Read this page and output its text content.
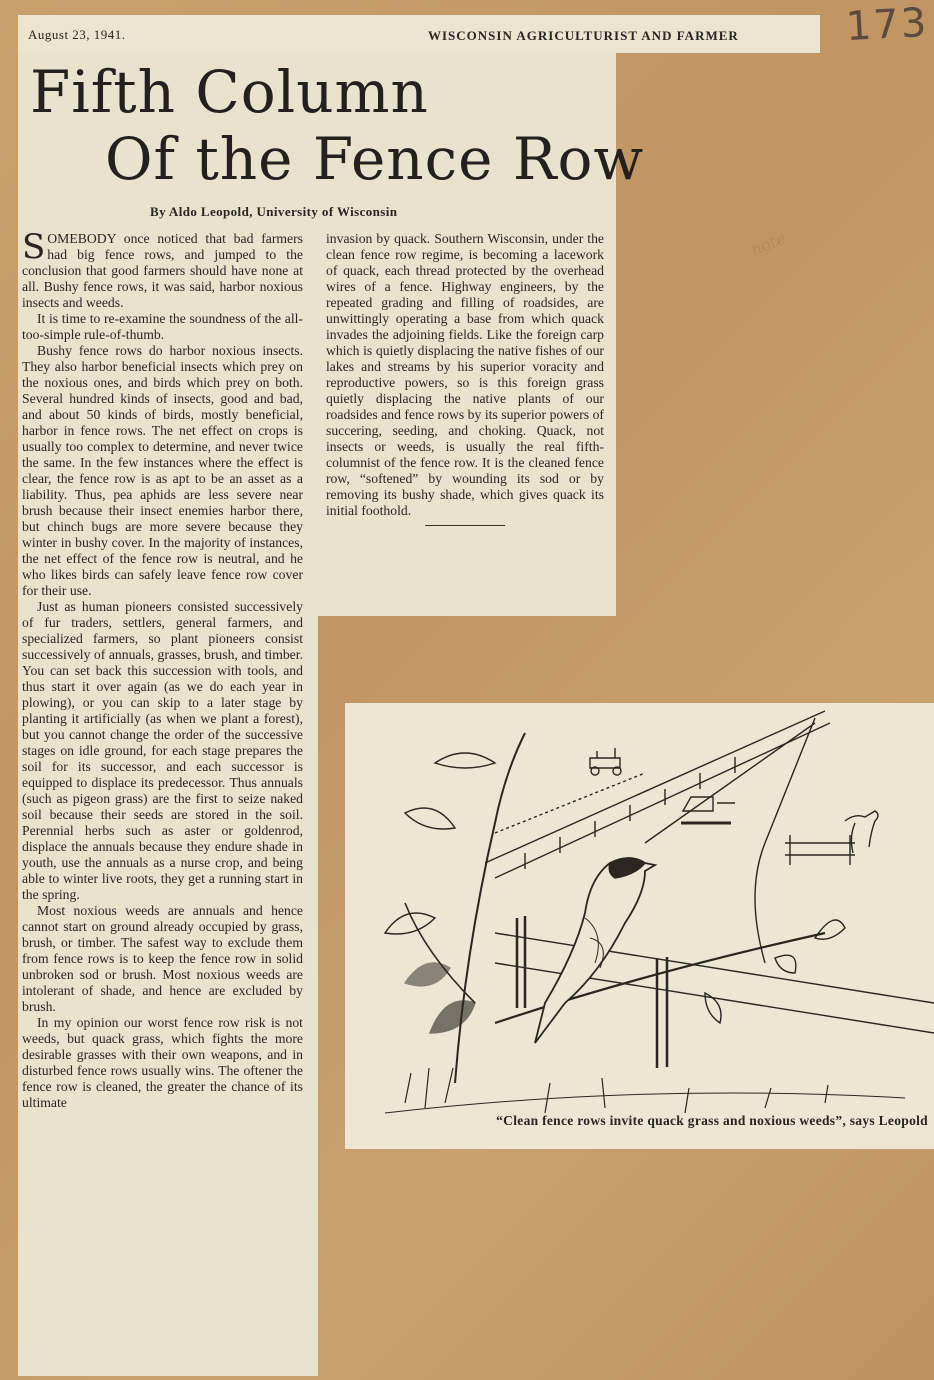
173
note
August 23, 1941.	WISCONSIN AGRICULTURIST AND FARMER
Fifth Column
Of the Fence Row
By Aldo Leopold, University of Wisconsin

SOMEBODY once noticed that bad farmers had big fence rows, and jumped to the conclusion that good farmers should have none at all. Bushy fence rows, it was said, harbor noxious insects and weeds.

It is time to re-examine the soundness of the all-too-simple rule-of-thumb.

Bushy fence rows do harbor noxious insects. They also harbor beneficial insects which prey on the noxious ones, and birds which prey on both. Several hundred kinds of insects, good and bad, and about 50 kinds of birds, mostly beneficial, harbor in fence rows. The net effect on crops is usually too complex to determine, and never twice the same. In the few instances where the effect is clear, the fence row is as apt to be an asset as a liability. Thus, pea aphids are less severe near brush because their insect enemies harbor there, but chinch bugs are more severe because they winter in bushy cover. In the majority of instances, the net effect of the fence row is neutral, and he who likes birds can safely leave fence row cover for their use.

Just as human pioneers consisted successively of fur traders, settlers, general farmers, and specialized farmers, so plant pioneers consist successively of annuals, grasses, brush, and timber. You can set back this succession with tools, and thus start it over again (as we do each year in plowing), or you can skip to a later stage by planting it artificially (as when we plant a forest), but you cannot change the order of the successive stages on idle ground, for each stage prepares the soil for its successor, and each successor is equipped to displace its predecessor. Thus annuals (such as pigeon grass) are the first to seize naked soil because their seeds are stored in the soil. Perennial herbs such as aster or goldenrod, displace the annuals because they endure shade in youth, use the annuals as a nurse crop, and being able to winter live roots, they get a running start in the spring.

Most noxious weeds are annuals and hence cannot start on ground already occupied by grass, brush, or timber. The safest way to exclude them from fence rows is to keep the fence row in solid unbroken sod or brush. Most noxious weeds are intolerant of shade, and hence are excluded by brush.

In my opinion our worst fence row risk is not weeds, but quack grass, which fights the more desirable grasses with their own weapons, and in disturbed fence rows usually wins. The oftener the fence row is cleaned, the greater the chance of its ultimate

invasion by quack. Southern Wisconsin, under the clean fence row regime, is becoming a lacework of quack, each thread protected by the overhead wires of a fence. Highway engineers, by the repeated grading and filling of roadsides, are unwittingly operating a base from which quack invades the adjoining fields. Like the foreign carp which is quietly displacing the native fishes of our lakes and streams by his superior voracity and reproductive powers, so is this foreign grass quietly displacing the native plants of our roadsides and fence rows by its superior powers of succering, seeding, and choking. Quack, not insects or weeds, is usually the real fifth-columnist of the fence row. It is the cleaned fence row, “softened” by wounding its sod or by removing its bushy shade, which gives quack its initial foothold.

“Clean fence rows invite quack grass and noxious weeds”, says Leopold
